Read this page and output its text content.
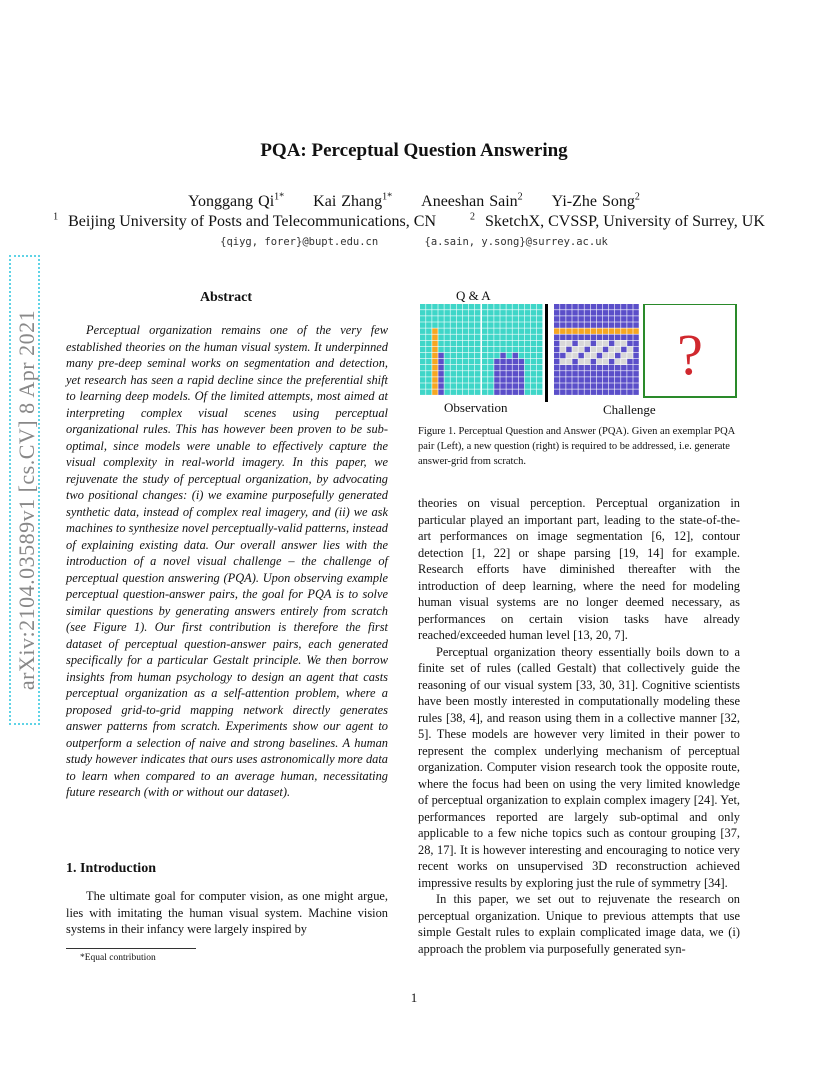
arXiv:2104.03589v1 [cs.CV] 8 Apr 2021
PQA: Perceptual Question Answering
Yonggang $Qi^{1*}$ Kai Zhang$^{1*}$ Aneeshan Sain$^2$ Yi-Zhe Song$^2$
$^1$ Beijing University of Posts and Telecommunications, CN	$^2$ SketchX, CVSSP, University of Surrey, UK
{qiyg, forer}@bupt.edu.cn	{a.sain, y.song}@surrey.ac.uk
Abstract
Perceptual organization remains one of the very few established theories on the human visual system. It underpinned many pre-deep seminal works on segmentation and detection, yet research has seen a rapid decline since the preferential shift to learning deep models. Of the limited attempts, most aimed at interpreting complex visual scenes using perceptual organizational rules. This has however been proven to be sub-optimal, since models were unable to effectively capture the visual complexity in real-world imagery. In this paper, we rejuvenate the study of perceptual organization, by advocating two positional changes: (i) we examine purposefully generated synthetic data, instead of complex real imagery, and (ii) we ask machines to synthesize novel perceptually-valid patterns, instead of explaining existing data. Our overall answer lies with the introduction of a novel visual challenge – the challenge of perceptual question answering (PQA). Upon observing example perceptual question-answer pairs, the goal for PQA is to solve similar questions by generating answers entirely from scratch (see Figure 1). Our first contribution is therefore the first dataset of perceptual question-answer pairs, each generated specifically for a particular Gestalt principle. We then borrow insights from human psychology to design an agent that casts perceptual organization as a self-attention problem, where a proposed grid-to-grid mapping network directly generates answer patterns from scratch. Experiments show our agent to outperform a selection of naive and strong baselines. A human study however indicates that ours uses astronomically more data to learn when compared to an average human, necessitating future research (with or without our dataset).
1. Introduction
The ultimate goal for computer vision, as one might argue, lies with imitating the human visual system. Machine vision systems in their infancy were largely inspired by
*Equal contribution
Q & A
?
Observation	Challenge
Figure 1. Perceptual Question and Answer (PQA). Given an exemplar PQA pair (Left), a new question (right) is required to be addressed, i.e. generate answer-grid from scratch.

theories on visual perception. Perceptual organization in particular played an important part, leading to the state-of-the-art performances on image segmentation [6, 12], contour detection [1, 22] or shape parsing [19, 14] for example. Research efforts have diminished thereafter with the introduction of deep learning, where the need for modeling human visual systems are no longer deemed necessary, as performances on certain vision tasks have already reached/exceeded human level [13, 20, 7].

Perceptual organization theory essentially boils down to a finite set of rules (called Gestalt) that collectively guide the reasoning of our visual system [33, 30, 31]. Cognitive scientists have been mostly interested in computationally modeling these rules [38, 4], and reason using them in a collective manner [32, 5]. These models are however very limited in their power to represent the complex underlying mechanism of perceptual organization. Computer vision research took the opposite route, where the focus had been on using the very limited knowledge of perceptual organization to explain complex imagery [24]. Yet, performances reported are largely sub-optimal and only applicable to a few niche topics such as contour grouping [37, 28, 17]. It is however interesting and encouraging to notice very recent works on unsupervised 3D reconstruction achieved impressive results by exploring just the rule of symmetry [34].

In this paper, we set out to rejuvenate the research on perceptual organization. Unique to previous attempts that use simple Gestalt rules to explain complicated image data, we (i) approach the problem via purposefully generated syn-

1
